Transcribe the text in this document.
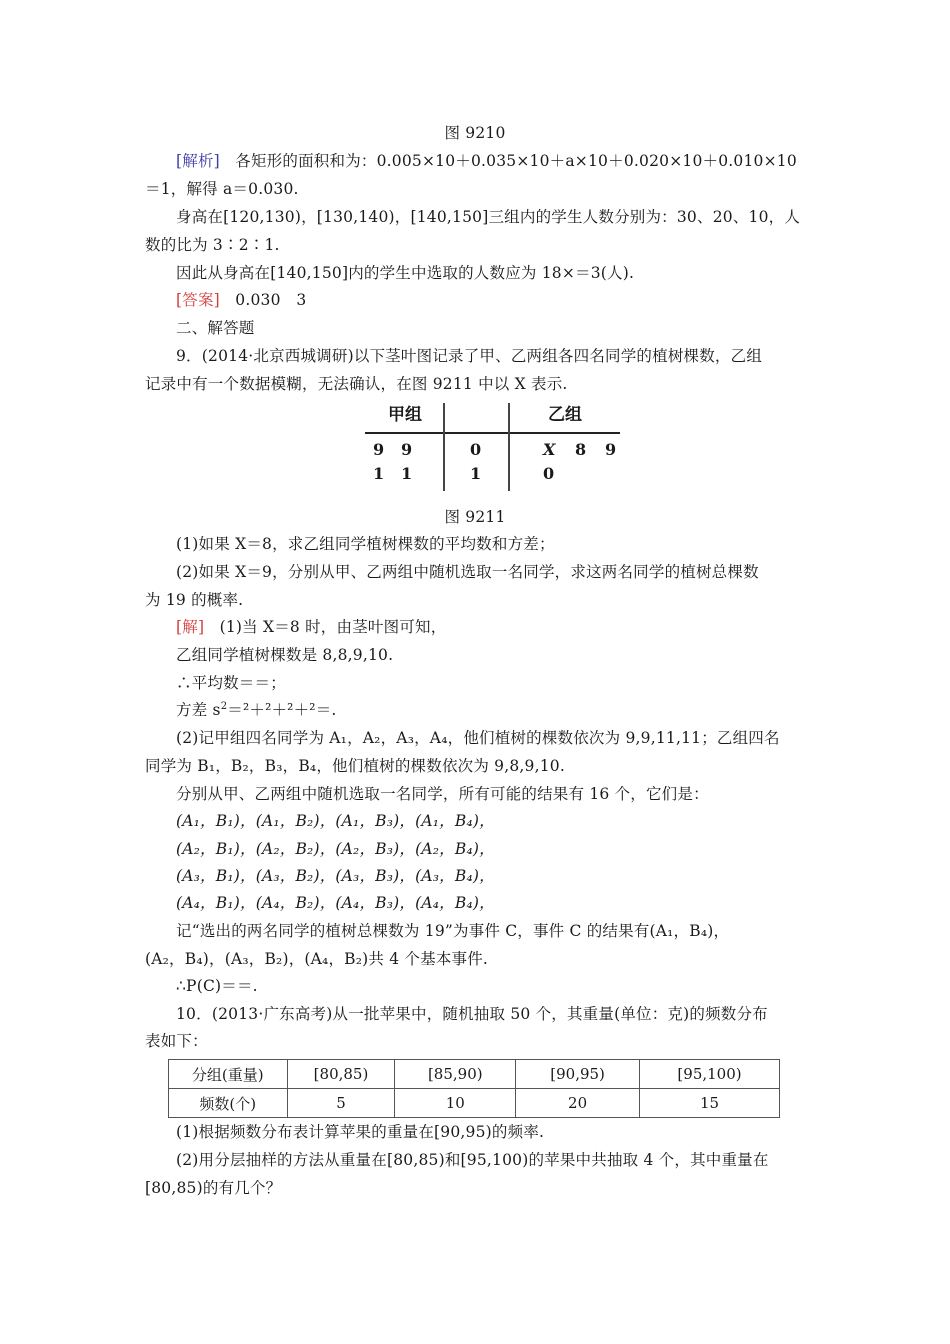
图 9210
[解析] 各矩形的面积和为：0.005×10＋0.035×10＋a×10＋0.020×10＋0.010×10
＝1，解得 a＝0.030.
身高在[120,130)，[130,140)，[140,150]三组内的学生人数分别为：30、20、10，人
数的比为 3∶2∶1.
因此从身高在[140,150]内的学生中选取的人数应为 18×＝3(人).
[答案] 0.030　3
二、解答题
9．(2014·北京西城调研)以下茎叶图记录了甲、乙两组各四名同学的植树棵数，乙组
记录中有一个数据模糊，无法确认，在图 9211 中以 X 表示.
甲组	乙组
9 9	0	X 8 9
1 1	1	0
图 9211
(1)如果 X＝8，求乙组同学植树棵数的平均数和方差；
(2)如果 X＝9，分别从甲、乙两组中随机选取一名同学，求这两名同学的植树总棵数
为 19 的概率.
[解] (1)当 X＝8 时，由茎叶图可知，
乙组同学植树棵数是 8,8,9,10.
∴平均数＝＝；
方差 $s^2=^2+^2+^2+^2=$.
(2)记甲组四名同学为 A₁，A₂，A₃，A₄，他们植树的棵数依次为 9,9,11,11；乙组四名
同学为 B₁，B₂，B₃，B₄，他们植树的棵数依次为 9,8,9,10.
分别从甲、乙两组中随机选取一名同学，所有可能的结果有 16 个，它们是：
(A₁，B₁)，(A₁，B₂)，(A₁，B₃)，(A₁，B₄)，
(A₂，B₁)，(A₂，B₂)，(A₂，B₃)，(A₂，B₄)，
(A₃，B₁)，(A₃，B₂)，(A₃，B₃)，(A₃，B₄)，
(A₄，B₁)，(A₄，B₂)，(A₄，B₃)，(A₄，B₄)，
记“选出的两名同学的植树总棵数为 19”为事件 C，事件 C 的结果有(A₁，B₄)，
(A₂，B₄)，(A₃，B₂)，(A₄，B₂)共 4 个基本事件.
∴P(C)＝＝.
10．(2013·广东高考)从一批苹果中，随机抽取 50 个，其重量(单位：克)的频数分布
表如下：
分组(重量)	[80,85)	[85,90)	[90,95)	[95,100)
频数(个)	5	10	20	15
(1)根据频数分布表计算苹果的重量在[90,95)的频率.
(2)用分层抽样的方法从重量在[80,85)和[95,100)的苹果中共抽取 4 个，其中重量在
[80,85)的有几个？
